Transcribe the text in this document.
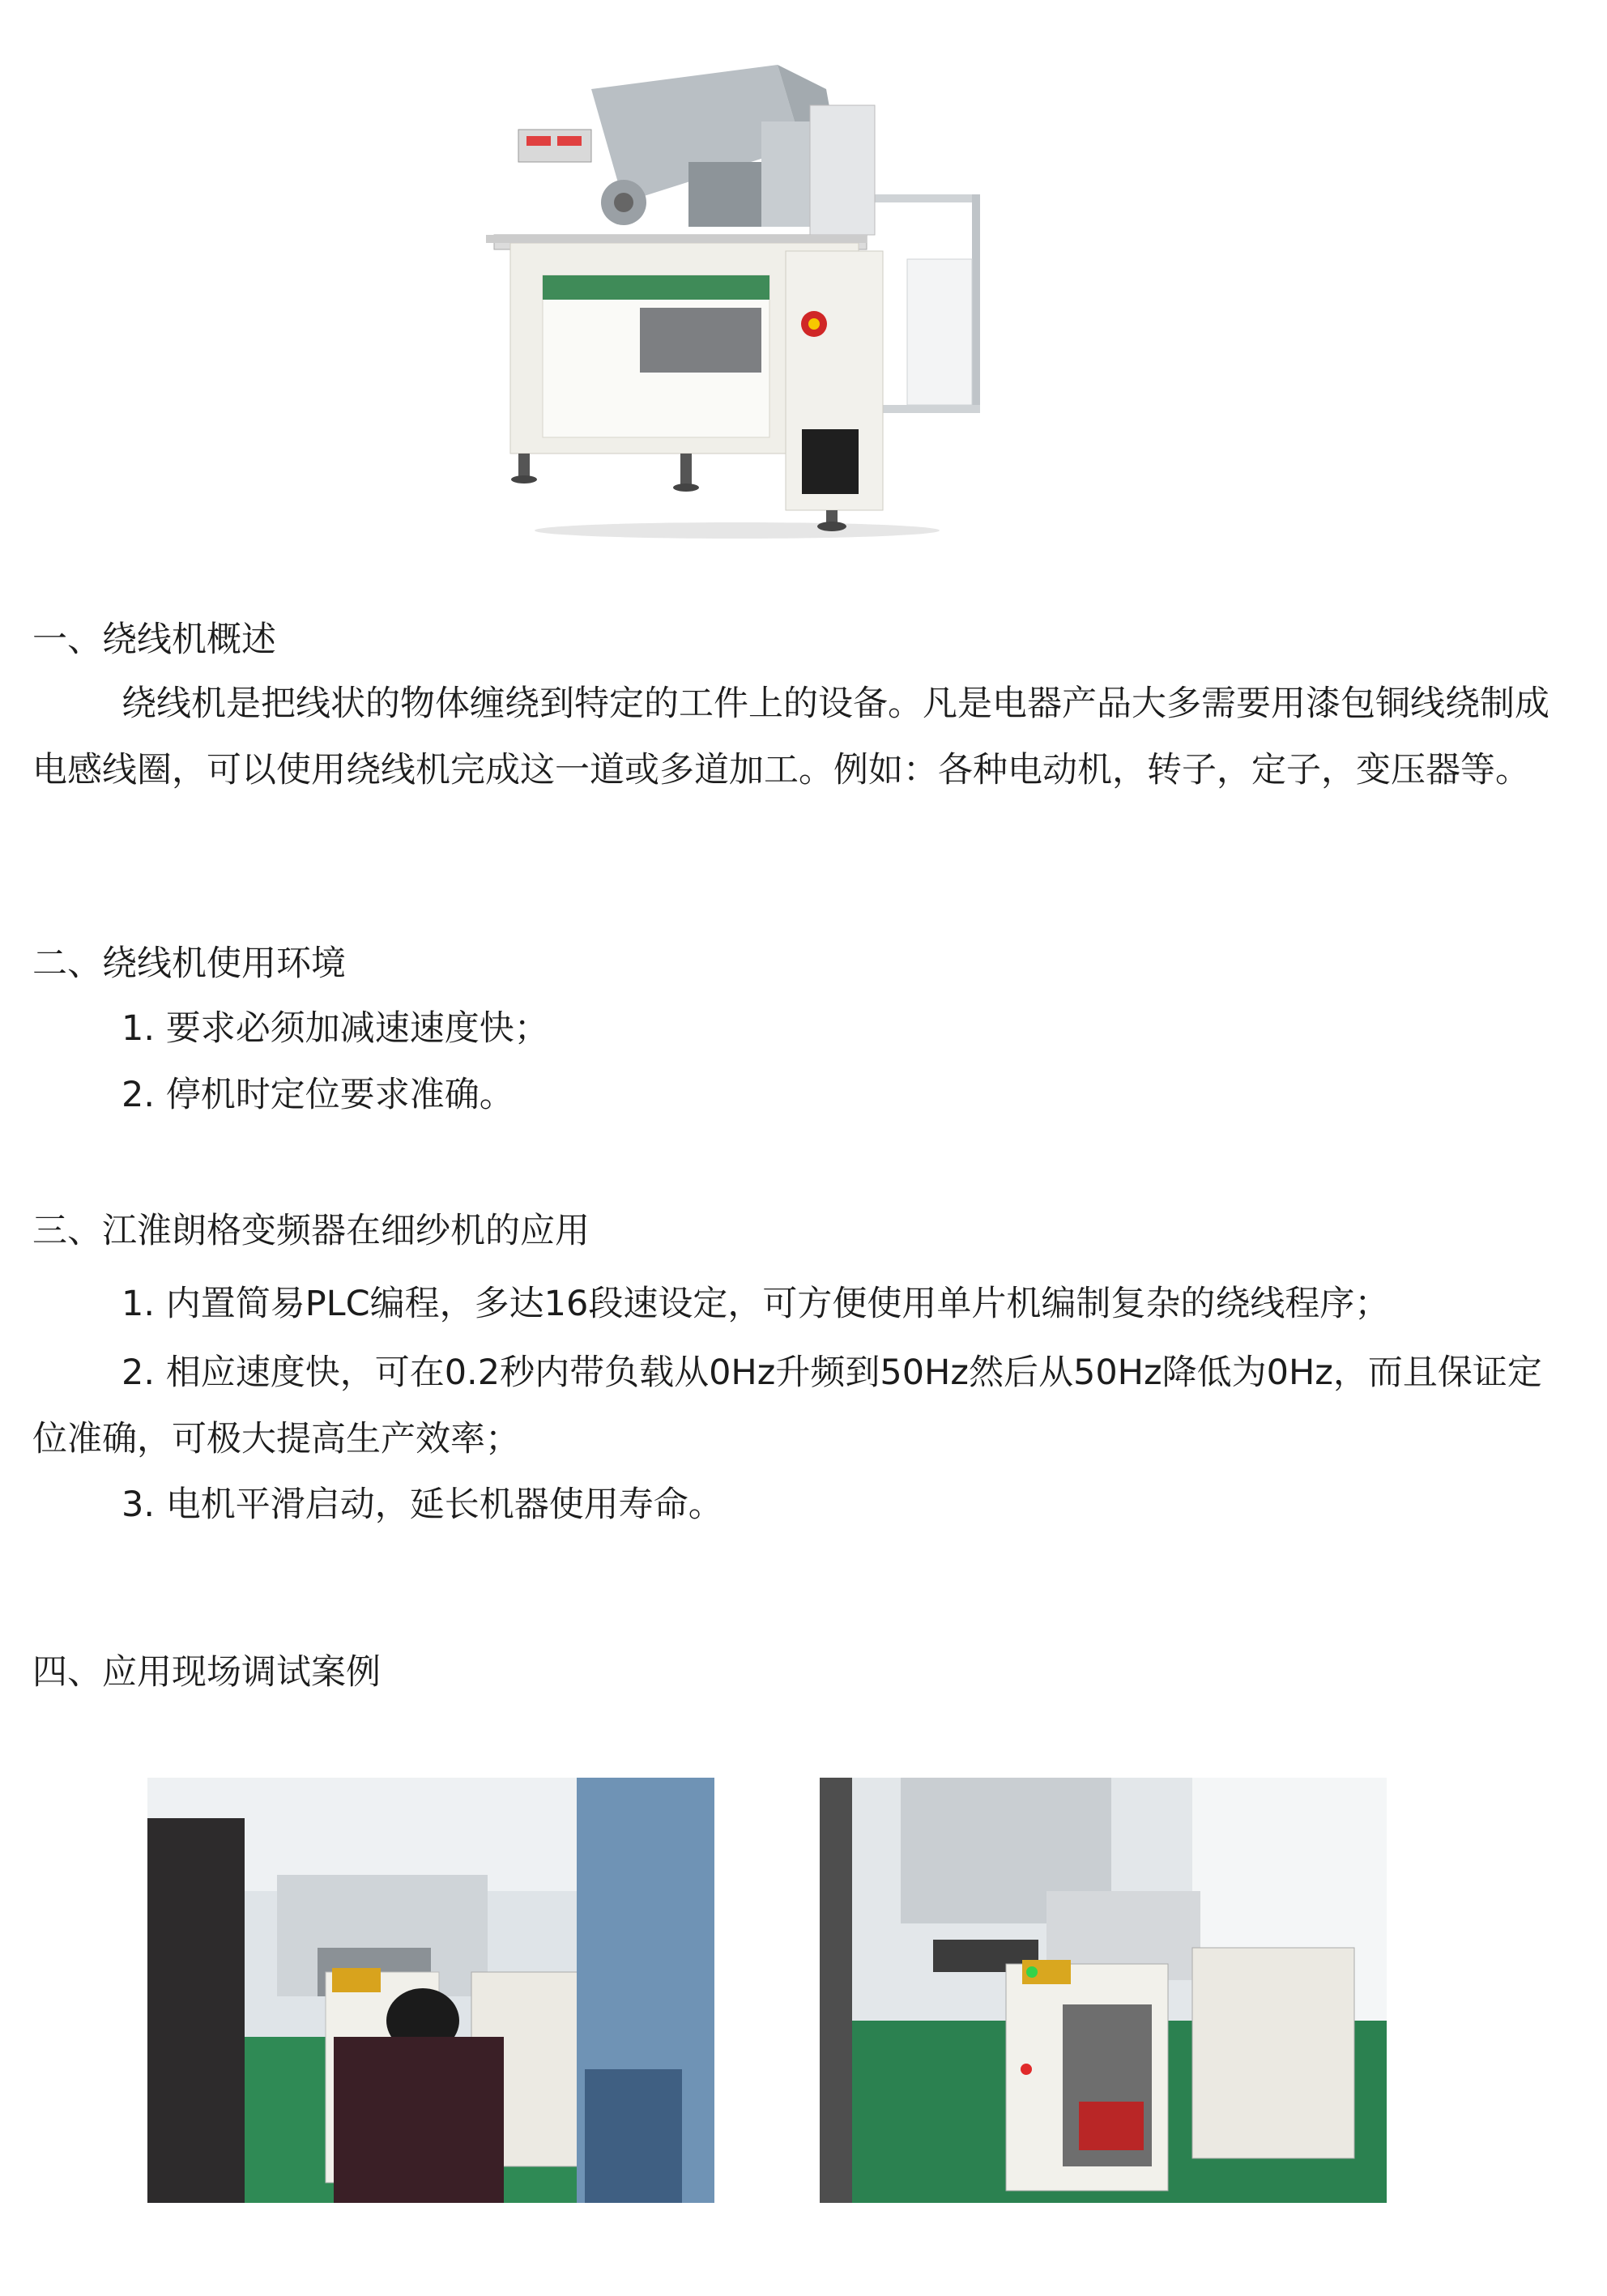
一、绕线机概述

绕线机是把线状的物体缠绕到特定的工件上的设备。凡是电器产品大多需要用漆包铜线绕制成电感线圈，可以使用绕线机完成这一道或多道加工。例如：各种电动机，转子，定子，变压器等。

二、绕线机使用环境

1. 要求必须加减速速度快；

2. 停机时定位要求准确。

三、江淮朗格变频器在细纱机的应用

1. 内置简易PLC编程，多达16段速设定，可方便使用单片机编制复杂的绕线程序；

2. 相应速度快，可在0.2秒内带负载从0Hz升频到50Hz然后从50Hz降低为0Hz，而且保证定位准确，可极大提高生产效率；

3. 电机平滑启动，延长机器使用寿命。

四、应用现场调试案例
